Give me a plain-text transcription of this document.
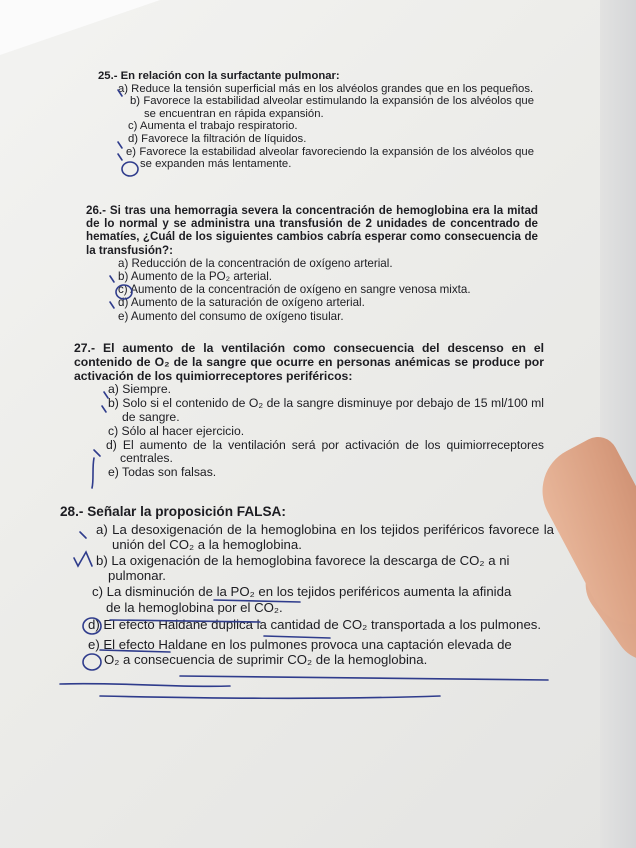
25.- En relación con la surfactante pulmonar:

a) Reduce la tensión superficial más en los alvéolos grandes que en los pequeños.

b) Favorece la estabilidad alveolar estimulando la expansión de los alvéolos que se encuentran en rápida expansión.

c) Aumenta el trabajo respiratorio.

d) Favorece la filtración de líquidos.

e) Favorece la estabilidad alveolar favoreciendo la expansión de los alvéolos que se expanden más lentamente.

26.- Si tras una hemorragia severa la concentración de hemoglobina era la mitad de lo normal y se administra una transfusión de 2 unidades de concentrado de hematíes, ¿Cuál de los siguientes cambios cabría esperar como consecuencia de la transfusión?:

a) Reducción de la concentración de oxígeno arterial.

b) Aumento de la PO₂ arterial.

c) Aumento de la concentración de oxígeno en sangre venosa mixta.

d) Aumento de la saturación de oxígeno arterial.

e) Aumento del consumo de oxígeno tisular.

27.- El aumento de la ventilación como consecuencia del descenso en el contenido de O₂ de la sangre que ocurre en personas anémicas se produce por activación de los quimiorreceptores periféricos:

a) Siempre.

b) Solo si el contenido de O₂ de la sangre disminuye por debajo de 15 ml/100 ml de sangre.

c) Sólo al hacer ejercicio.

d) El aumento de la ventilación será por activación de los quimiorreceptores centrales.

e) Todas son falsas.

28.- Señalar la proposición FALSA:

a) La desoxigenación de la hemoglobina en los tejidos periféricos favorece la unión del CO₂ a la hemoglobina.

b) La oxigenación de la hemoglobina favorece la descarga de CO₂ a ni

pulmonar.

c) La disminución de la PO₂ en los tejidos periféricos aumenta la afinida

de la hemoglobina por el CO₂.

d) El efecto Haldane duplica la cantidad de CO₂ transportada a los pulmones.

e) El efecto Haldane en los pulmones provoca una captación elevada de

O₂ a consecuencia de suprimir CO₂ de la hemoglobina.
